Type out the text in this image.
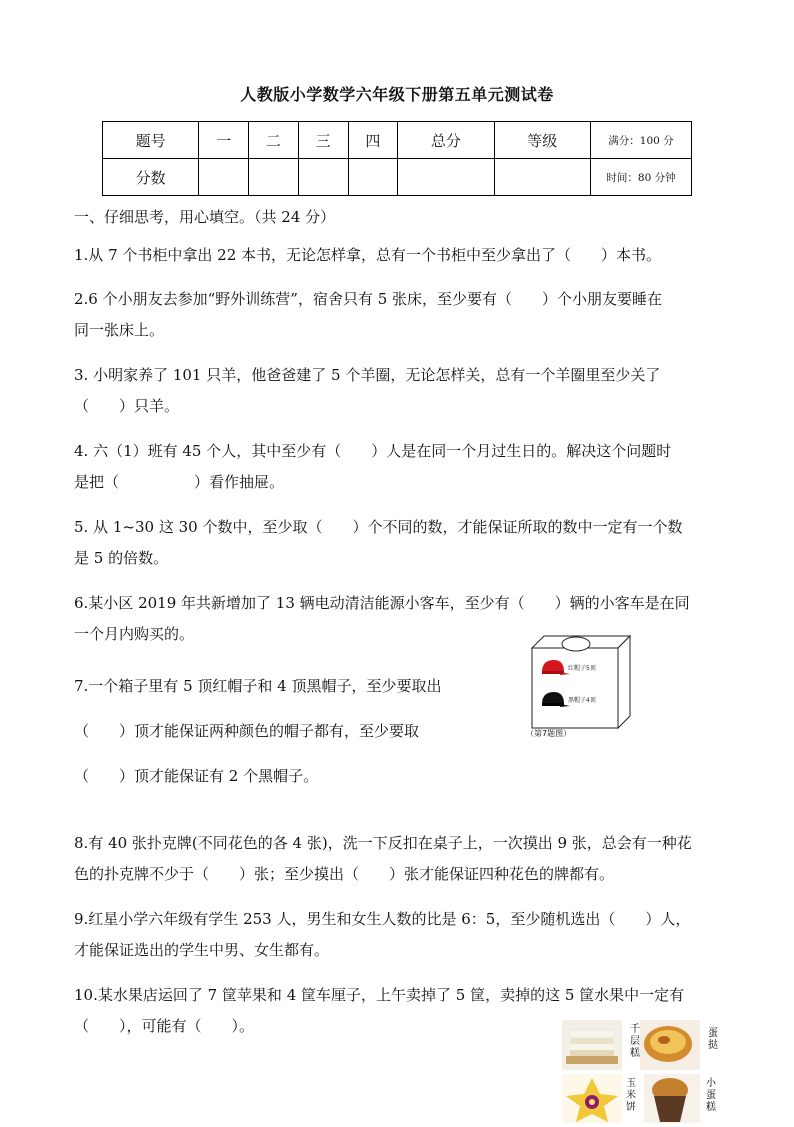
人教版小学数学六年级下册第五单元测试卷
题号	一	二	三	四	总分	等级	满分：100 分
分数							时间：80 分钟
一、仔细思考，用心填空。（共 24 分）

1.从 7 个书柜中拿出 22 本书，无论怎样拿，总有一个书柜中至少拿出了（　　）本书。

2.6 个小朋友去参加“野外训练营”，宿舍只有 5 张床，至少要有（　　）个小朋友要睡在

同一张床上。

3. 小明家养了 101 只羊，他爸爸建了 5 个羊圈，无论怎样关，总有一个羊圈里至少关了

（　　）只羊。

4. 六（1）班有 45 个人，其中至少有（　　）人是在同一个月过生日的。解决这个问题时

是把（　　　　　）看作抽屉。

5. 从 1~30 这 30 个数中，至少取（　　）个不同的数，才能保证所取的数中一定有一个数

是 5 的倍数。

6.某小区 2019 年共新增加了 13 辆电动清洁能源小客车，至少有（　　）辆的小客车是在同

一个月内购买的。

7.一个箱子里有 5 顶红帽子和 4 顶黑帽子，至少要取出

（　　）顶才能保证两种颜色的帽子都有，至少要取

（　　）顶才能保证有 2 个黑帽子。

红帽子5顶
黑帽子4顶
（第7题图）

8.有 40 张扑克牌(不同花色的各 4 张)，洗一下反扣在桌子上，一次摸出 9 张，总会有一种花

色的扑克牌不少于（　　）张；至少摸出（　　）张才能保证四种花色的牌都有。

9.红星小学六年级有学生 253 人，男生和女生人数的比是 6：5，至少随机选出（　　）人，

才能保证选出的学生中男、女生都有。

10.某水果店运回了 7 筐苹果和 4 筐车厘子，上午卖掉了 5 筐，卖掉的这 5 筐水果中一定有

（　　），可能有（　　）。	千层糕
蛋挞
玉米饼
小蛋糕
